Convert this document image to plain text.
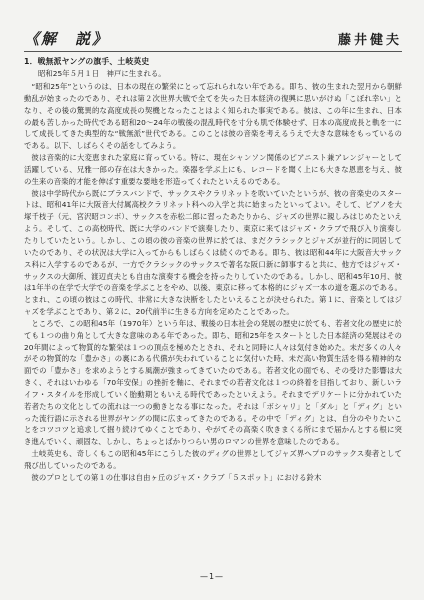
《解　説》	藤井健夫
1．戦無派ヤングの旗手、土岐英史
昭和25年５月１日　神戸に生まれる。

“昭和25年”というのは、日本の現在の繁栄にとって忘れられない年である。即ち、彼の生まれた翌月から朝鮮動乱が始まったのであり、それは第２次世界大戦で全てを失った日本経済の復興に思いがけぬ「こぼれ幸い」となり、その後の驚異的な高度成長の契機となったことはよく知られた事実である。彼は、この年に生まれ、日本の最も苦しかった時代である昭和20〜24年の戦後の混乱時代を寸分も肌で体験せず、日本の高度成長と軌を一にして成長してきた典型的な“戦無派”世代である。このことは彼の音楽を考えるうえで大きな意味をもっているのである。以下、しばらくその話をしてみよう。

彼は音楽的に大変恵まれた家庭に育っている。特に、現在シャンソン関係のピアニスト兼アレンジャーとして活躍している、兄雅一郎の存在は大きかった。楽器を学ぶ上にも、レコードを聞く上にも大きな恩恵を与え、彼の生来の音楽的才能を伸ばす重要な要地を形造ってくれたといえるのである。

彼は中学時代から既にブラスバンドで、サックスやクラリネットを吹いていたというが、彼の音楽史のスタートは、昭和41年に大阪音大付属高校クラリネット科への入学と共に始まったといってよい。そして、ピアノを大塚千枝子（元、宮沢昭コンボ）、サックスを赤松二郎に習ったあたりから、ジャズの世界に親しみはじめたといえよう。そして、この高校時代、既に大学のバンドで演奏したり、東京に来てはジャズ・クラブで飛び入り演奏したりしていたという。しかし、この頃の彼の音楽の世界に於ては、まだクラシックとジャズが並行的に同居していたのであり、その状況は大学に入ってからもしばらくは続くのである。即ち、彼は昭和44年に大阪音大サックス科に入学するのであるが、一方でクラシックのサックスで著名な阪口新に師事すると共に、他方ではジャズ・サックスの大御所、渡辺貞夫とも自由な演奏する機会を持ったりしていたのである。しかし、昭和45年10月、彼は1年半の在学で大学での音楽を学ぶことをやめ、以後、東京に移って本格的にジャズ一本の道を選ぶのである。とまれ、この頃の彼はこの時代、非常に大きな決断をしたといえることが決せられた。第１に、音楽としてはジャズを学ぶことであり、第２に、20代前半に生きる方向を定めたことであった。

ところで、この昭和45年（1970年）という年は、戦後の日本社会の発展の歴史に於ても、若者文化の歴史に於ても１つの曲り角として大きな意味のある年であった。即ち、昭和25年をスタートとした日本経済の発展はその20年間によって物質的な繁栄は１つの頂点を極めたとされ、それと同時に人々は気付き始めた。未だ多くの人々がその物質的な「豊かさ」の裏にある代償が失われていることに気付いた時、未だ高い物質生活を得る精神的な面での「豊かさ」を求めようとする風潮が強まってきていたのである。若者文化の面でも、その受けた影響は大きく、それはいわゆる「70年安保」の挫折を軸に、それまでの若者文化は１つの終着を目指しており、新しいライフ・スタイルを形成していく胎動期ともいえる時代であったといえよう。それまでデリケートに分かれていた若者たちの文化としての流れは一つの動きとなる事になった。それは「ボシャリ」と「ダル」と「ディグ」といった流行語に示される世界がヤングの間に広まってきたのである。その中で「ディグ」とは、自分のやりたいことをコツコツと追求して掘り続けてゆくことであり、やがてその高楽く吹きまくる所にまで届かんとする根に突き進んでいく、頑固な、しかし、ちょっとばかりつらい男のロマンの世界を意味したのである。

土岐英史も、奇しくもこの昭和45年にこうした彼のディグの世界としてジャズ界へプロのサックス奏者として飛び出していったのである。

彼のプロとしての第１の仕事は自由ヶ丘のジャズ・クラブ「５スポット」における鈴木

—1—
